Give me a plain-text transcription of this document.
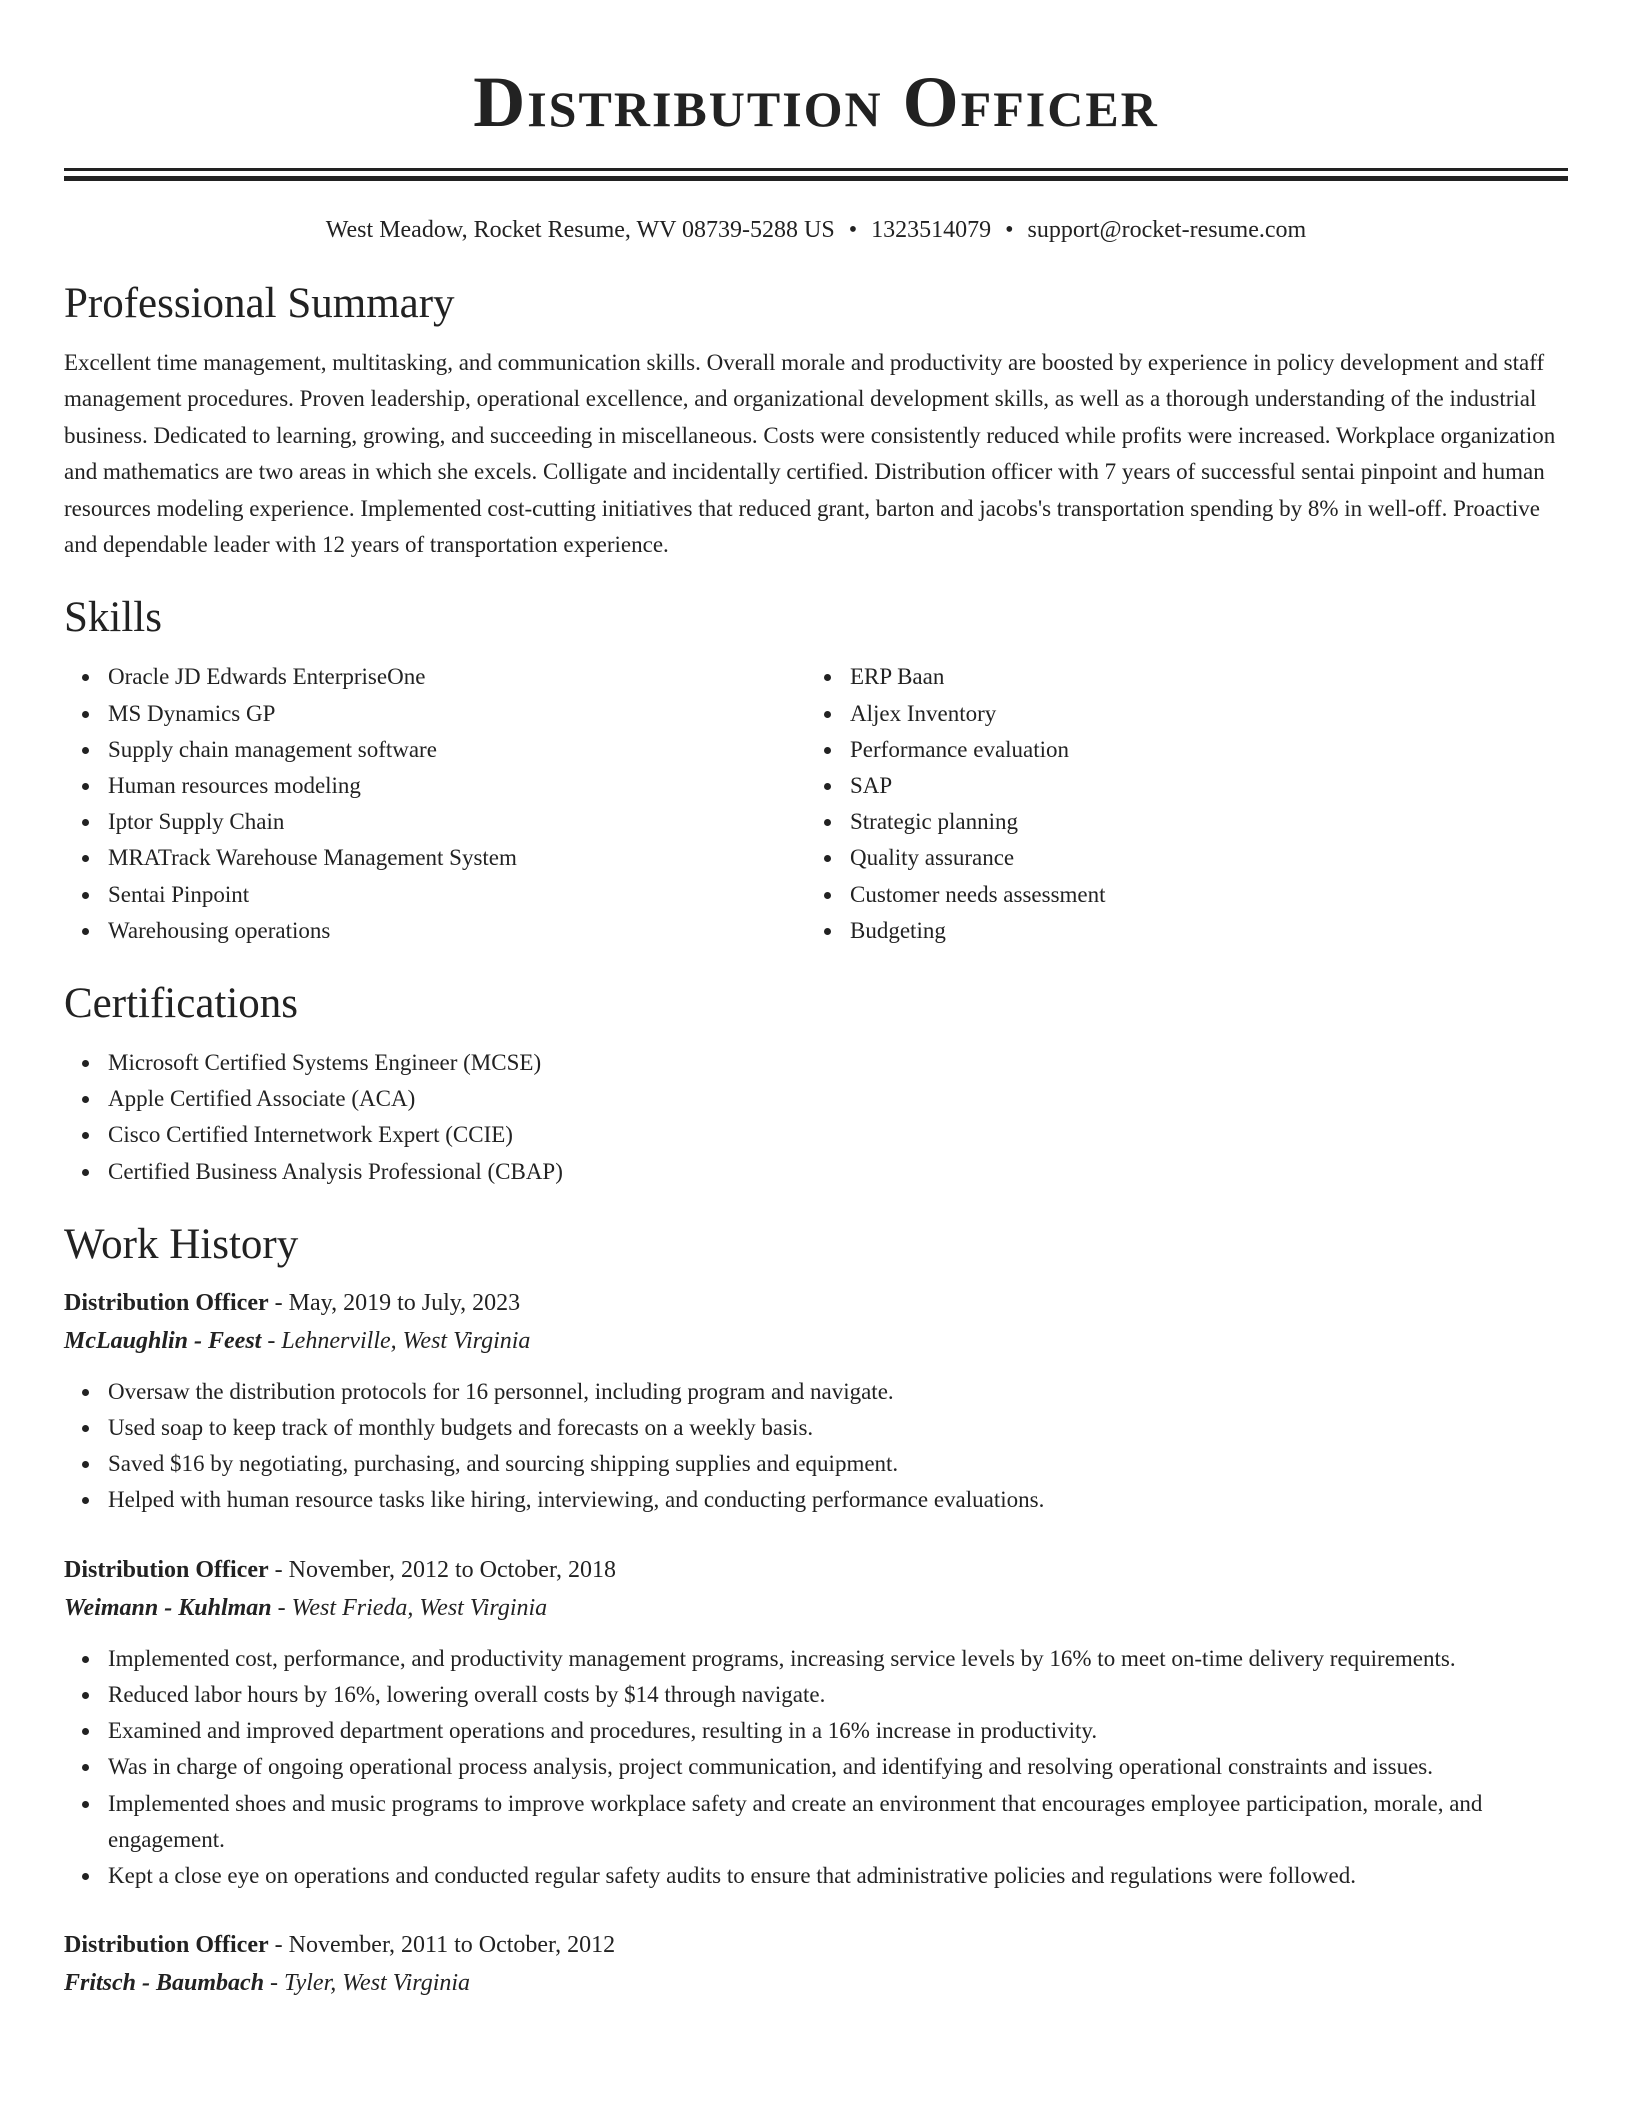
Distribution Officer
West Meadow, Rocket Resume, WV 08739-5288 US • 1323514079 • support@rocket-resume.com
Professional Summary

Excellent time management, multitasking, and communication skills. Overall morale and productivity are boosted by experience in policy development and staff management procedures. Proven leadership, operational excellence, and organizational development skills, as well as a thorough understanding of the industrial business. Dedicated to learning, growing, and succeeding in miscellaneous. Costs were consistently reduced while profits were increased. Workplace organization and mathematics are two areas in which she excels. Colligate and incidentally certified. Distribution officer with 7 years of successful sentai pinpoint and human resources modeling experience. Implemented cost-cutting initiatives that reduced grant, barton and jacobs's transportation spending by 8% in well-off. Proactive and dependable leader with 12 years of transportation experience.

Skills
Oracle JD Edwards EnterpriseOne
MS Dynamics GP
Supply chain management software
Human resources modeling
Iptor Supply Chain
MRATrack Warehouse Management System
Sentai Pinpoint
Warehousing operations
ERP Baan
Aljex Inventory
Performance evaluation
SAP
Strategic planning
Quality assurance
Customer needs assessment
Budgeting
Certifications
Microsoft Certified Systems Engineer (MCSE)
Apple Certified Associate (ACA)
Cisco Certified Internetwork Expert (CCIE)
Certified Business Analysis Professional (CBAP)
Work History

Distribution Officer - May, 2019 to July, 2023

McLaughlin - Feest - Lehnerville, West Virginia

Oversaw the distribution protocols for 16 personnel, including program and navigate.
Used soap to keep track of monthly budgets and forecasts on a weekly basis.
Saved $16 by negotiating, purchasing, and sourcing shipping supplies and equipment.
Helped with human resource tasks like hiring, interviewing, and conducting performance evaluations.

Distribution Officer - November, 2012 to October, 2018

Weimann - Kuhlman - West Frieda, West Virginia

Implemented cost, performance, and productivity management programs, increasing service levels by 16% to meet on-time delivery requirements.
Reduced labor hours by 16%, lowering overall costs by $14 through navigate.
Examined and improved department operations and procedures, resulting in a 16% increase in productivity.
Was in charge of ongoing operational process analysis, project communication, and identifying and resolving operational constraints and issues.
Implemented shoes and music programs to improve workplace safety and create an environment that encourages employee participation, morale, and engagement.
Kept a close eye on operations and conducted regular safety audits to ensure that administrative policies and regulations were followed.

Distribution Officer - November, 2011 to October, 2012

Fritsch - Baumbach - Tyler, West Virginia
